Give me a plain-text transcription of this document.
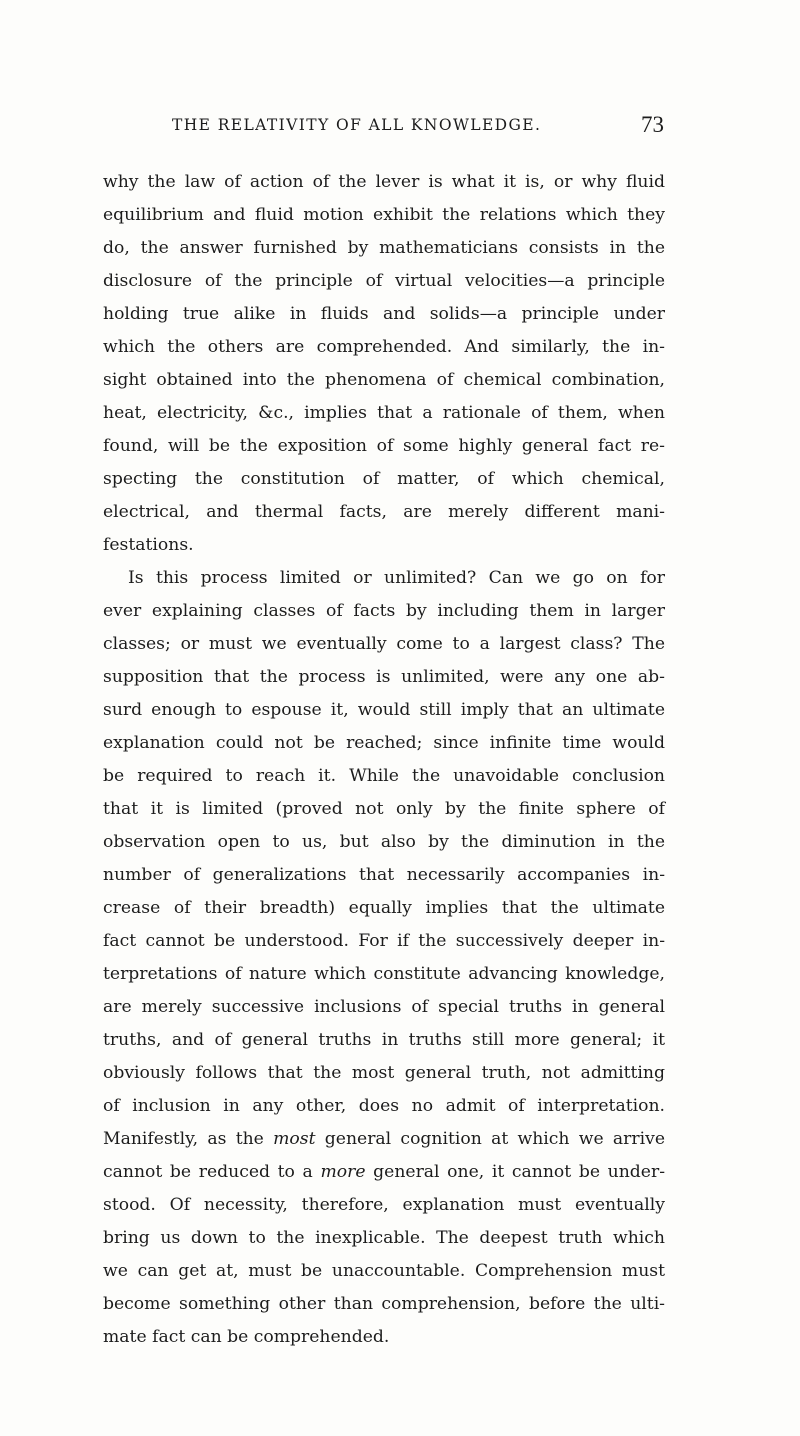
THE RELATIVITY OF ALL KNOWLEDGE.	73
why the law of action of the lever is what it is, or why fluid
equilibrium and fluid motion exhibit the relations which they
do, the answer furnished by mathematicians consists in the
disclosure of the principle of virtual velocities—a principle
holding true alike in fluids and solids—a principle under
which the others are comprehended. And similarly, the in-
sight obtained into the phenomena of chemical combination,
heat, electricity, &c., implies that a rationale of them, when
found, will be the exposition of some highly general fact re-
specting the constitution of matter, of which chemical,
electrical, and thermal facts, are merely different mani-
festations.
Is this process limited or unlimited? Can we go on for
ever explaining classes of facts by including them in larger
classes; or must we eventually come to a largest class? The
supposition that the process is unlimited, were any one ab-
surd enough to espouse it, would still imply that an ultimate
explanation could not be reached; since infinite time would
be required to reach it. While the unavoidable conclusion
that it is limited (proved not only by the finite sphere of
observation open to us, but also by the diminution in the
number of generalizations that necessarily accompanies in-
crease of their breadth) equally implies that the ultimate
fact cannot be understood. For if the successively deeper in-
terpretations of nature which constitute advancing knowledge,
are merely successive inclusions of special truths in general
truths, and of general truths in truths still more general; it
obviously follows that the most general truth, not admitting
of inclusion in any other, does no admit of interpretation.
Manifestly, as the most general cognition at which we arrive
cannot be reduced to a more general one, it cannot be under-
stood. Of necessity, therefore, explanation must eventually
bring us down to the inexplicable. The deepest truth which
we can get at, must be unaccountable. Comprehension must
become something other than comprehension, before the ulti-
mate fact can be comprehended.
